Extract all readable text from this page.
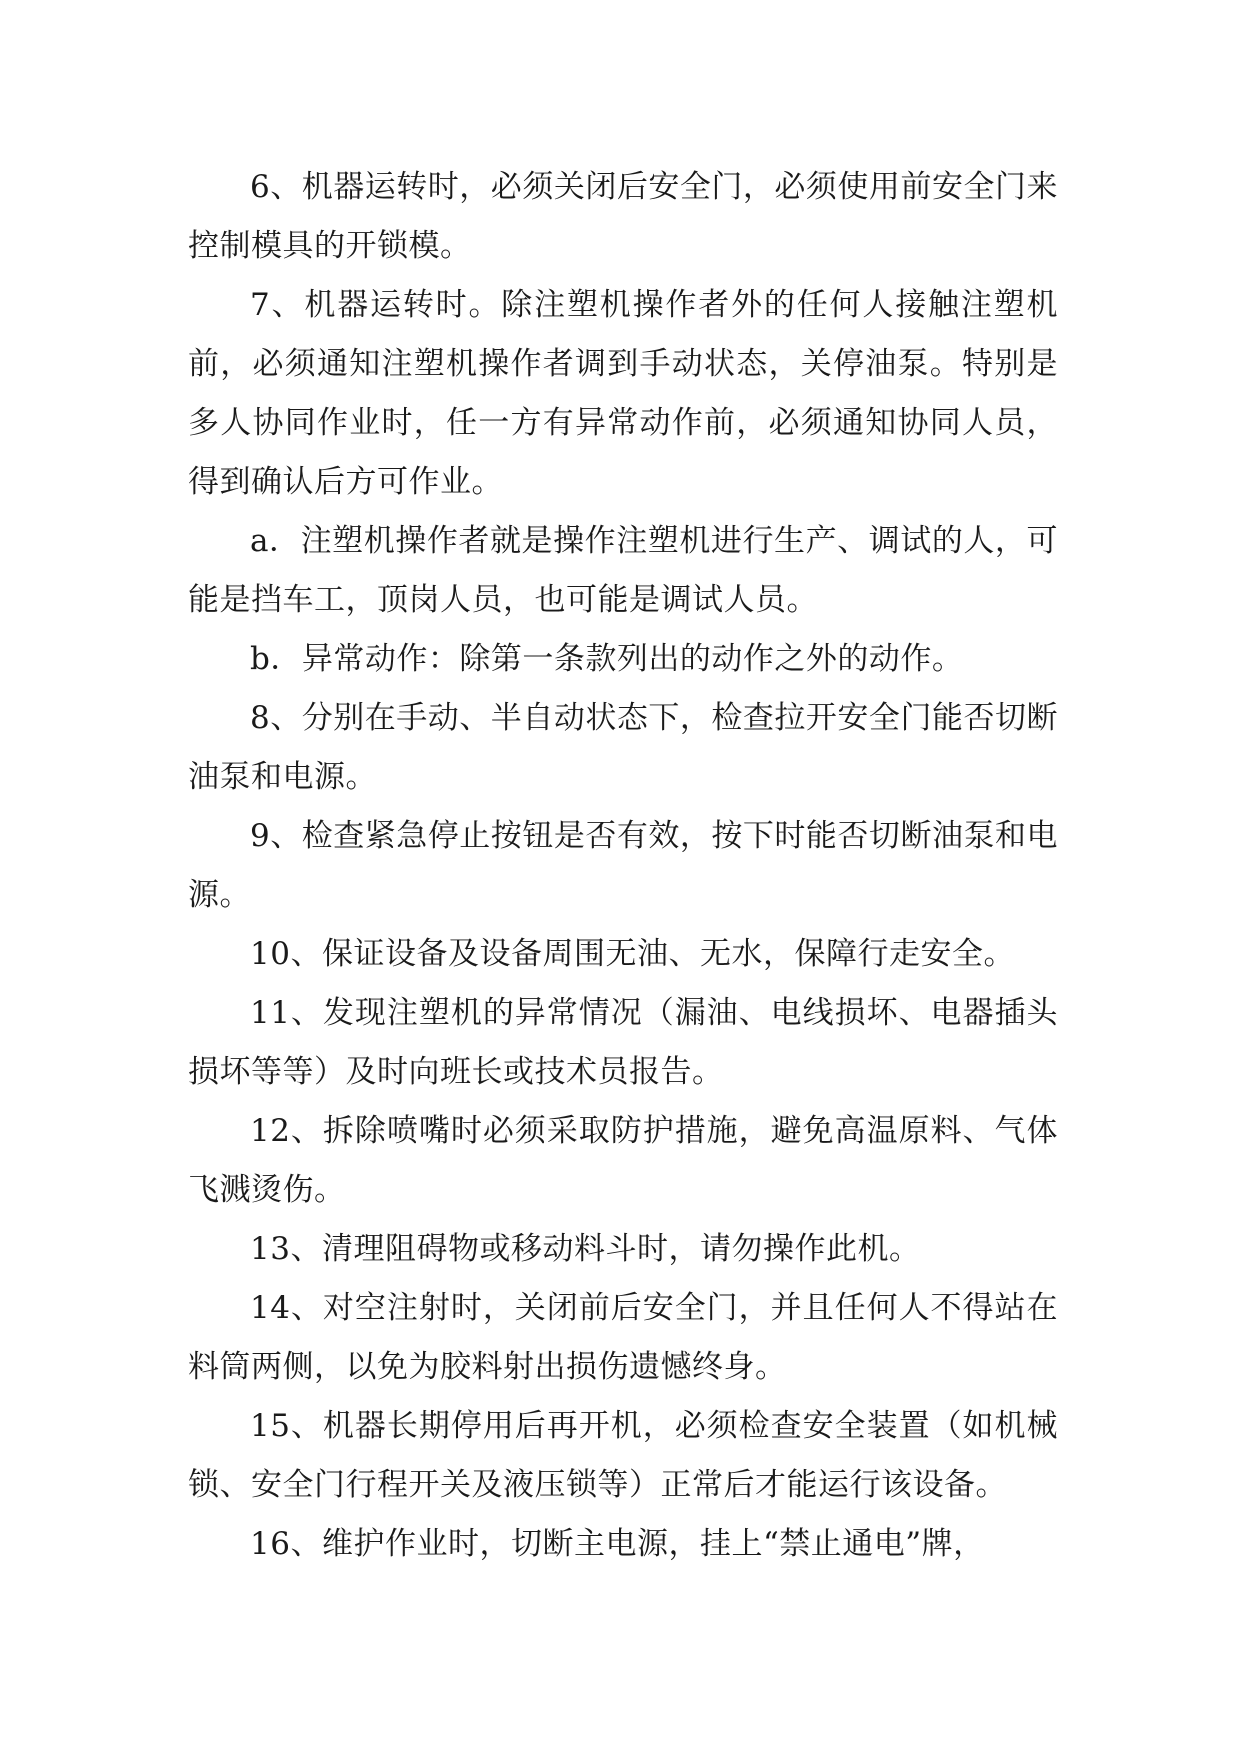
6、机器运转时，必须关闭后安全门，必须使用前安全门来控制模具的开锁模。

7、机器运转时。除注塑机操作者外的任何人接触注塑机前，必须通知注塑机操作者调到手动状态，关停油泵。特别是多人协同作业时，任一方有异常动作前，必须通知协同人员，得到确认后方可作业。

a．注塑机操作者就是操作注塑机进行生产、调试的人，可能是挡车工，顶岗人员，也可能是调试人员。

b．异常动作：除第一条款列出的动作之外的动作。

8、分别在手动、半自动状态下，检查拉开安全门能否切断油泵和电源。

9、检查紧急停止按钮是否有效，按下时能否切断油泵和电源。

10、保证设备及设备周围无油、无水，保障行走安全。

11、发现注塑机的异常情况（漏油、电线损坏、电器插头损坏等等）及时向班长或技术员报告。

12、拆除喷嘴时必须采取防护措施，避免高温原料、气体飞溅烫伤。

13、清理阻碍物或移动料斗时，请勿操作此机。

14、对空注射时，关闭前后安全门，并且任何人不得站在料筒两侧，以免为胶料射出损伤遗憾终身。

15、机器长期停用后再开机，必须检查安全装置（如机械锁、安全门行程开关及液压锁等）正常后才能运行该设备。

16、维护作业时，切断主电源，挂上“禁止通电”牌，
